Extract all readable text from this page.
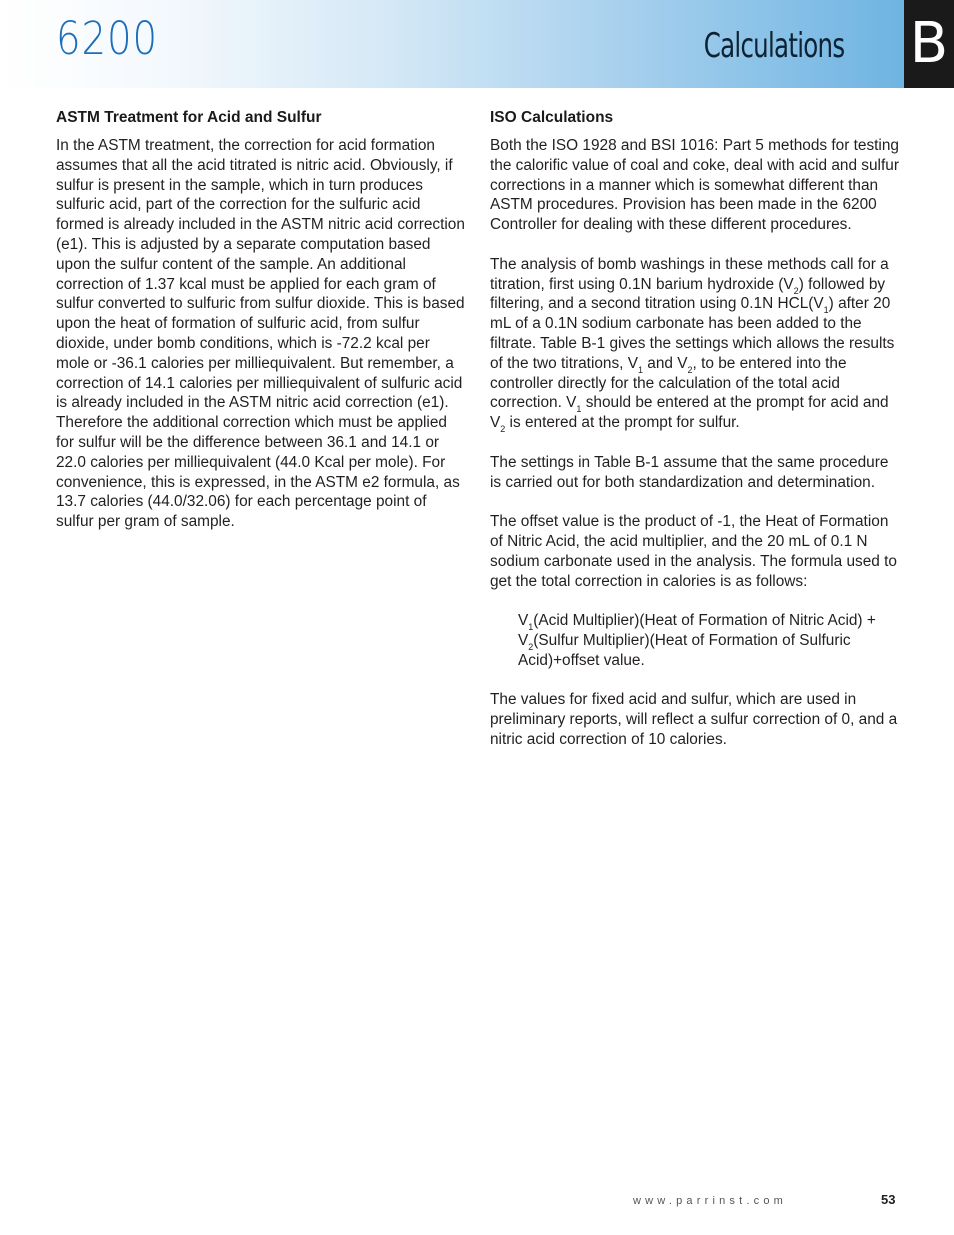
6200	Calculations B
ASTM Treatment for Acid and Sulfur

In the ASTM treatment, the correction for acid formation assumes that all the acid titrated is nitric acid. Obviously, if sulfur is present in the sample, which in turn produces sulfuric acid, part of the correction for the sulfuric acid formed is already included in the ASTM nitric acid correction (e1). This is adjusted by a separate computation based upon the sulfur content of the sample. An additional correction of 1.37 kcal must be applied for each gram of sulfur converted to sulfuric from sulfur dioxide. This is based upon the heat of formation of sulfuric acid, from sulfur dioxide, under bomb conditions, which is -72.2 kcal per mole or -36.1 calories per milliequivalent. But remember, a correction of 14.1 calories per milliequivalent of sulfuric acid is already included in the ASTM nitric acid correction (e1). Therefore the additional correction which must be applied for sulfur will be the difference between 36.1 and 14.1 or 22.0 calories per milliequivalent (44.0 Kcal per mole). For convenience, this is expressed, in the ASTM e2 formula, as 13.7 calories (44.0/32.06) for each percentage point of sulfur per gram of sample.

ISO Calculations

Both the ISO 1928 and BSI 1016: Part 5 methods for testing the calorific value of coal and coke, deal with acid and sulfur corrections in a manner which is somewhat different than ASTM procedures. Provision has been made in the 6200 Controller for dealing with these different procedures.

The analysis of bomb washings in these methods call for a titration, first using 0.1N barium hydroxide $(V_2)$ followed by filtering, and a second titration using 0.1N $HCL(V_1)$ after 20 mL of a 0.1N sodium carbonate has been added to the filtrate. Table B-1 gives the settings which allows the results of the two titrations, $V_1$ and $V_2$, to be entered into the controller directly for the calculation of the total acid correction. $V_1$ should be entered at the prompt for acid and $V_2$ is entered at the prompt for sulfur.

The settings in Table B-1 assume that the same procedure is carried out for both standardization and determination.

The offset value is the product of -1, the Heat of Formation of Nitric Acid, the acid multiplier, and the 20 mL of 0.1 N sodium carbonate used in the analysis. The formula used to get the total correction in calories is as follows:

$V_1(Acid$ Multiplier)(Heat of Formation of Nitric Acid) + $V_2(Sulfur$ Multiplier)(Heat of Formation of Sulfuric Acid)+offset value.

The values for fixed acid and sulfur, which are used in preliminary reports, will reflect a sulfur correction of 0, and a nitric acid correction of 10 calories.

www.parrinst.com	53
